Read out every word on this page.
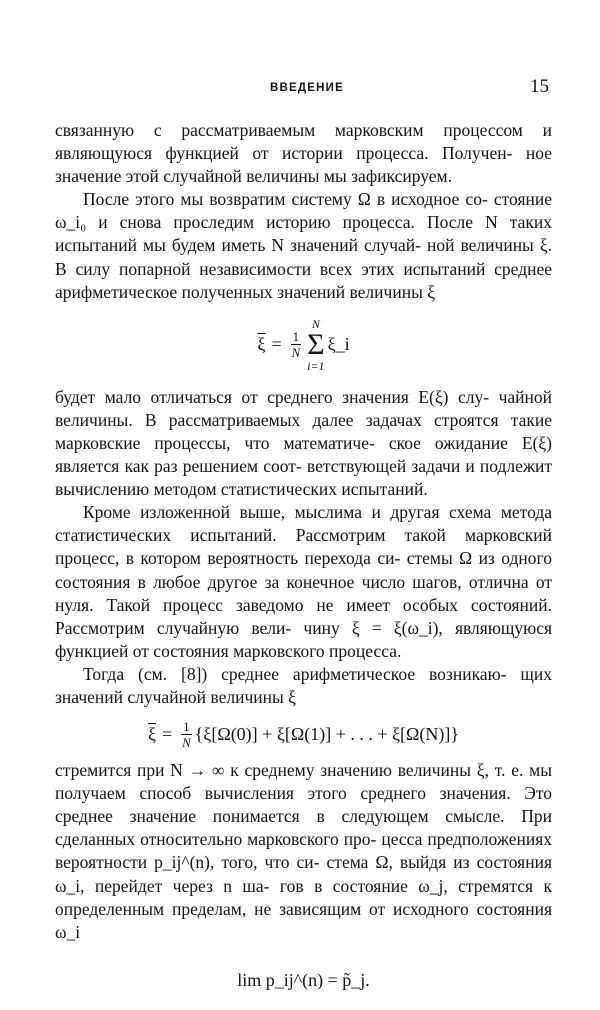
ВВЕДЕНИЕ	15

связанную с рассматриваемым марковским процессом и являющуюся функцией от истории процесса. Получен- ное значение этой случайной величины мы зафиксируем.

После этого мы возвратим систему Ω в исходное со- стояние ω_i₀ и снова проследим историю процесса. После N таких испытаний мы будем иметь N значений случай- ной величины ξ. В силу попарной независимости всех этих испытаний среднее арифметическое полученных значений величины ξ

$\overline{\xi} = \frac{1}{N}$
N
Σ
i=1
ξ_i

будет мало отличаться от среднего значения E(ξ) слу- чайной величины. В рассматриваемых далее задачах строятся такие марковские процессы, что математиче- ское ожидание E(ξ) является как раз решением соот- ветствующей задачи и подлежит вычислению методом статистических испытаний.

Кроме изложенной выше, мыслима и другая схема метода статистических испытаний. Рассмотрим такой марковский процесс, в котором вероятность перехода си- стемы Ω из одного состояния в любое другое за конечное число шагов, отлична от нуля. Такой процесс заведомо не имеет особых состояний. Рассмотрим случайную вели- чину ξ = ξ(ω_i), являющуюся функцией от состояния марковского процесса.

Тогда (см. [8]) среднее арифметическое возникаю- щих значений случайной величины ξ

$\overline{\xi} = \frac{1}{N} \{\xi[\Omega(0)] + \xi[\Omega(1)]$ + . . . + ξ[Ω(N)]}

стремится при N → ∞ к среднему значению величины ξ, т. е. мы получаем способ вычисления этого среднего значения. Это среднее значение понимается в следующем смысле. При сделанных относительно марковского про- цесса предположениях вероятности p_ij^(n), того, что си- стема Ω, выйдя из состояния ω_i, перейдет через n ша- гов в состояние ω_j, стремятся к определенным пределам, не зависящим от исходного состояния ω_i

lim p_ij^(n) = p̃_j.
